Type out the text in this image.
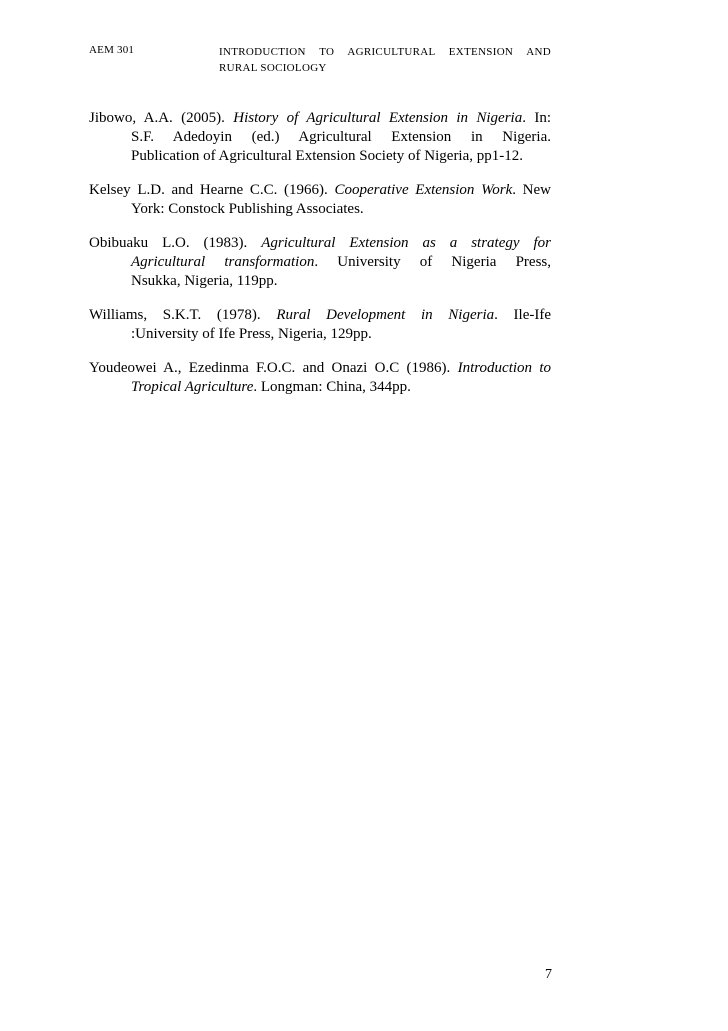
AEM 301	INTRODUCTION TO AGRICULTURAL EXTENSION AND
RURAL SOCIOLOGY

Jibowo, A.A. (2005). History of Agricultural Extension in Nigeria. In:
S.F. Adedoyin (ed.) Agricultural Extension in Nigeria.
Publication of Agricultural Extension Society of Nigeria, pp1-12.

Kelsey L.D. and Hearne C.C. (1966). Cooperative Extension Work. New
York: Constock Publishing Associates.

Obibuaku L.O. (1983). Agricultural Extension as a strategy for
Agricultural transformation. University of Nigeria Press,
Nsukka, Nigeria, 119pp.

Williams, S.K.T. (1978). Rural Development in Nigeria. Ile-Ife
:University of Ife Press, Nigeria, 129pp.

Youdeowei A., Ezedinma F.O.C. and Onazi O.C (1986). Introduction to
Tropical Agriculture. Longman: China, 344pp.

7
